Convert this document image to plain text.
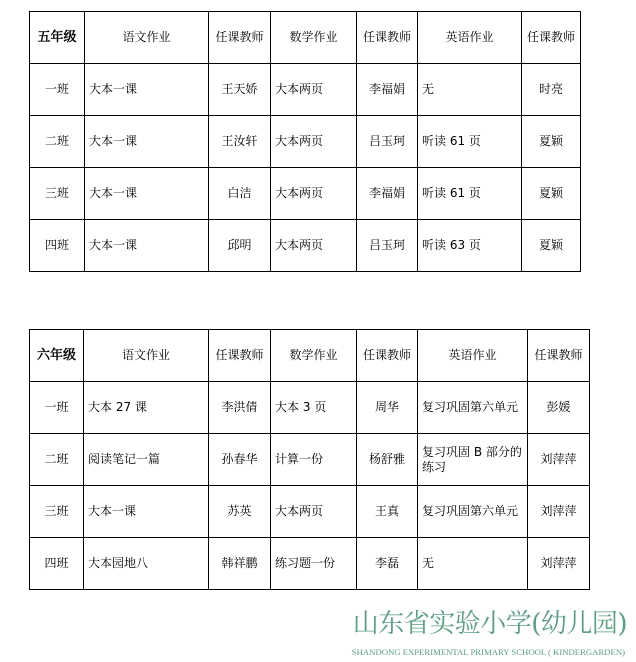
五年级	语文作业	任课教师	数学作业	任课教师	英语作业	任课教师
一班	大本一课	王天娇	大本两页	李福娟	无	时亮
二班	大本一课	王汝轩	大本两页	吕玉珂	听读 61 页	夏颖
三班	大本一课	白洁	大本两页	李福娟	听读 61 页	夏颖
四班	大本一课	邱明	大本两页	吕玉珂	听读 63 页	夏颖
六年级	语文作业	任课教师	数学作业	任课教师	英语作业	任课教师
一班	大本 27 课	李洪倩	大本 3 页	周华	复习巩固第六单元	彭媛
二班	阅读笔记一篇	孙春华	计算一份	杨舒雅	复习巩固 B 部分的练习	刘萍萍
三班	大本一课	苏英	大本两页	王真	复习巩固第六单元	刘萍萍
四班	大本园地八	韩祥鹏	练习题一份	李磊	无	刘萍萍
山东省实验小学(幼儿园)
SHANDONG EXPERIMENTAL PRIMARY SCHOOL ( KINDERGARDEN)
